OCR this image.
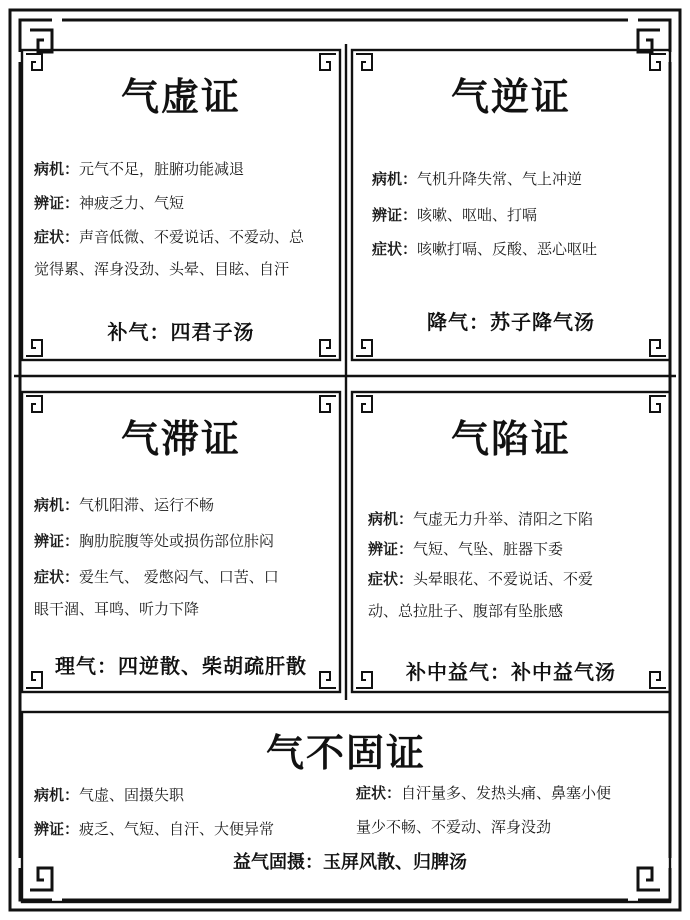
气虚证
病机：元气不足，脏腑功能减退
辨证：神疲乏力、气短
症状：声音低微、不爱说话、不爱动、总
觉得累、浑身没劲、头晕、目眩、自汗
补气：四君子汤
气逆证
病机：气机升降失常、气上冲逆
辨证：咳嗽、呕咄、打嗝
症状：咳嗽打嗝、反酸、恶心呕吐
降气：苏子降气汤
气滞证
病机：气机阳滞、运行不畅
辨证：胸肋脘腹等处或损伤部位胩闷
症状：爱生气、 爱憋闷气、口苦、口
眼干涸、耳鸣、听力下降
理气：四逆散、柴胡疏肝散
气陷证
病机：气虚无力升举、清阳之下陷
辨证：气短、气坠、脏器下委
症状：头晕眼花、不爱说话、不爱
动、总拉肚子、腹部有坠胀感
补中益气：补中益气汤
气不固证
病机：气虚、固摄失职
辨证：疲乏、气短、自汗、大便异常
症状：自汗量多、发热头痛、鼻塞小便
量少不畅、不爱动、浑身没劲
益气固摄：玉屏风散、归脾汤
